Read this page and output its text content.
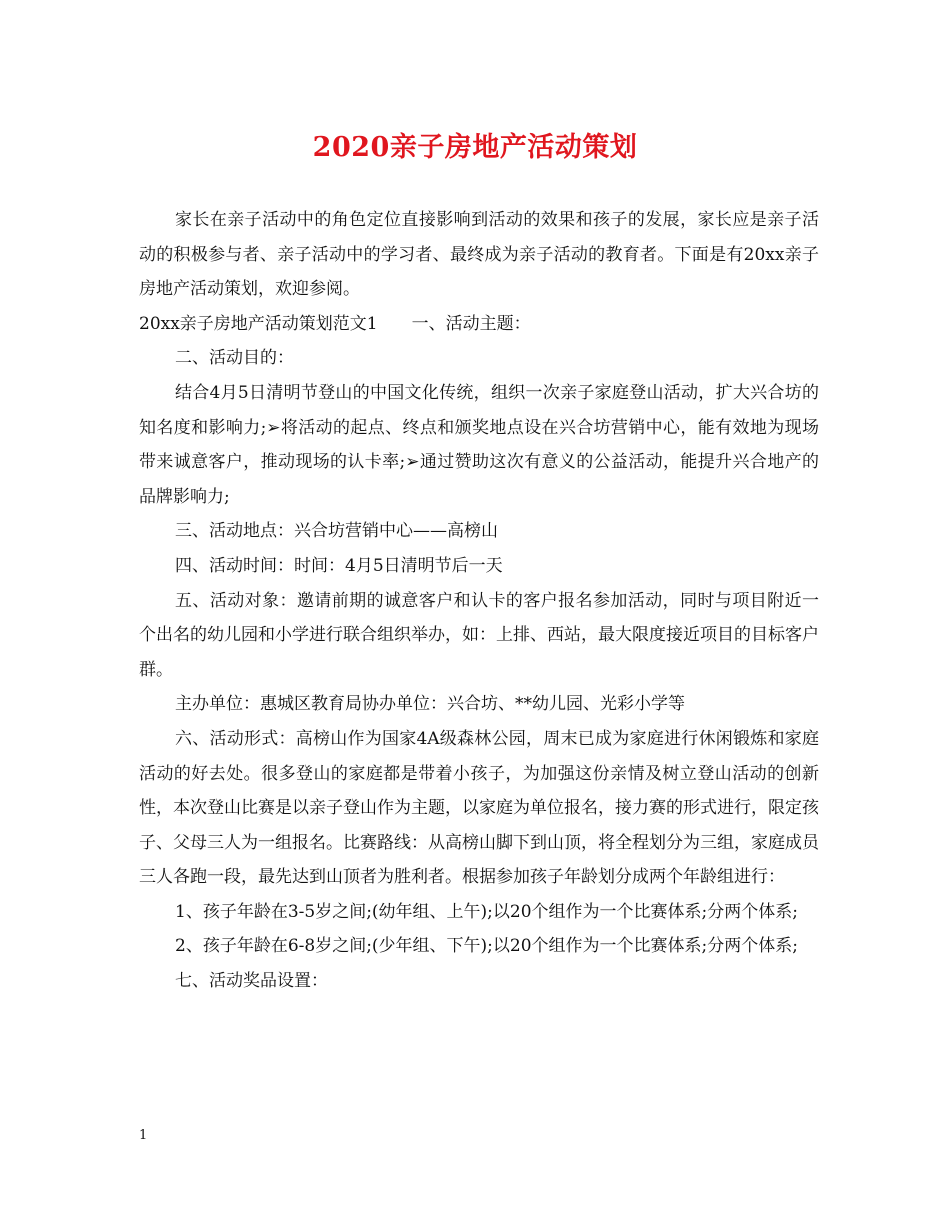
2020亲子房地产活动策划

家长在亲子活动中的角色定位直接影响到活动的效果和孩子的发展，家长应是亲子活动的积极参与者、亲子活动中的学习者、最终成为亲子活动的教育者。下面是有20xx亲子房地产活动策划，欢迎参阅。

20xx亲子房地产活动策划范文1　　一、活动主题：

二、活动目的：

结合4月5日清明节登山的中国文化传统，组织一次亲子家庭登山活动，扩大兴合坊的知名度和影响力;➢将活动的起点、终点和颁奖地点设在兴合坊营销中心，能有效地为现场带来诚意客户，推动现场的认卡率;➢通过赞助这次有意义的公益活动，能提升兴合地产的品牌影响力;

三、活动地点：兴合坊营销中心——高榜山

四、活动时间：时间：4月5日清明节后一天

五、活动对象：邀请前期的诚意客户和认卡的客户报名参加活动，同时与项目附近一个出名的幼儿园和小学进行联合组织举办，如：上排、西站，最大限度接近项目的目标客户群。

主办单位：惠城区教育局协办单位：兴合坊、**幼儿园、光彩小学等

六、活动形式：高榜山作为国家4A级森林公园，周末已成为家庭进行休闲锻炼和家庭活动的好去处。很多登山的家庭都是带着小孩子，为加强这份亲情及树立登山活动的创新性，本次登山比赛是以亲子登山作为主题，以家庭为单位报名，接力赛的形式进行，限定孩子、父母三人为一组报名。比赛路线：从高榜山脚下到山顶，将全程划分为三组，家庭成员三人各跑一段，最先达到山顶者为胜利者。根据参加孩子年龄划分成两个年龄组进行：

1、孩子年龄在3-5岁之间;(幼年组、上午);以20个组作为一个比赛体系;分两个体系;

2、孩子年龄在6-8岁之间;(少年组、下午);以20个组作为一个比赛体系;分两个体系;

七、活动奖品设置：

1
